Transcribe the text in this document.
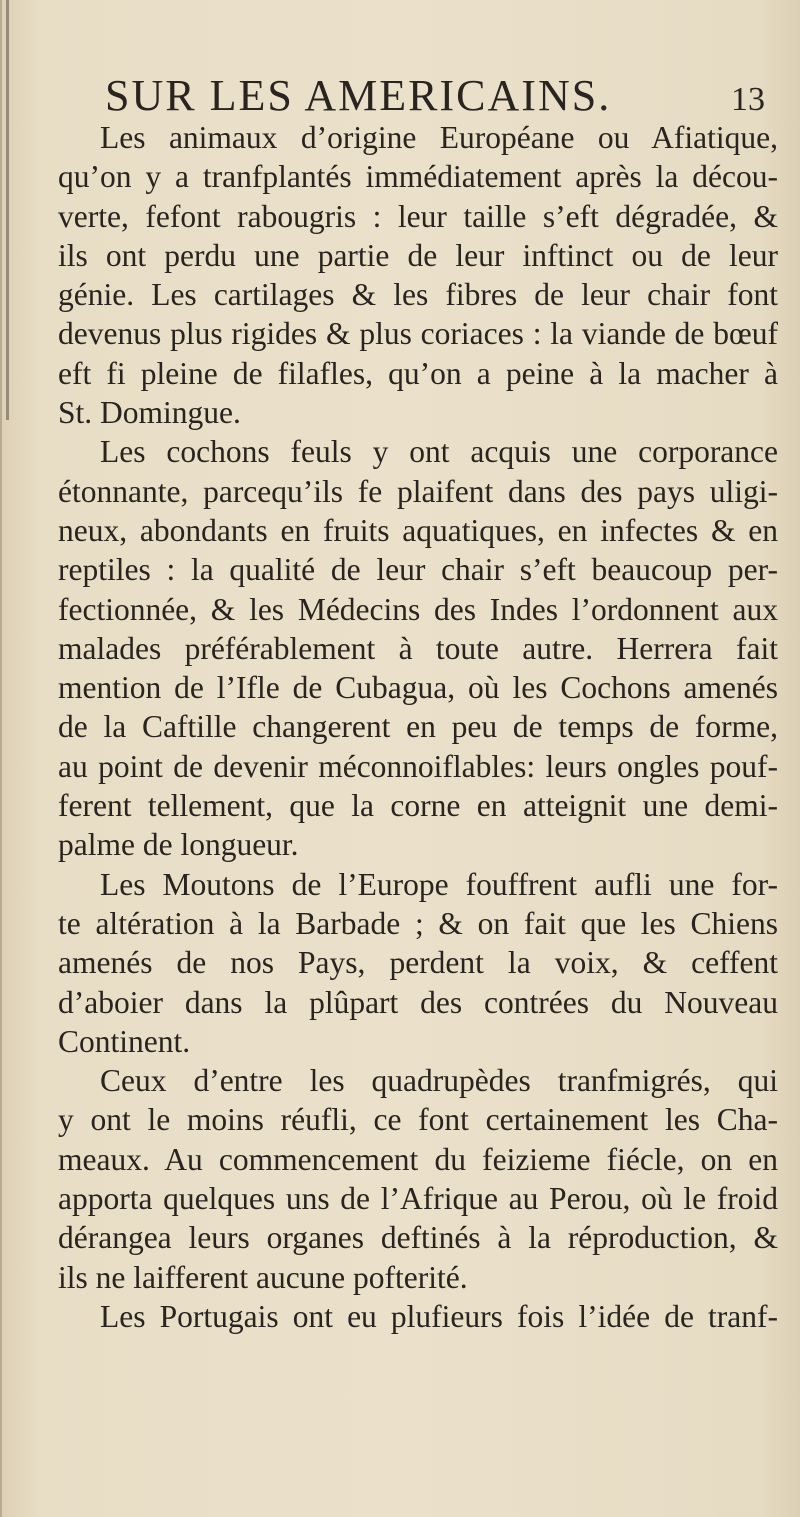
SUR LES AMERICAINS.	13
Les animaux d’origine Européane ou Afiatique,
qu’on y a tranfplantés immédiatement après la décou-
verte, fefont rabougris : leur taille s’eft dégradée, &
ils ont perdu une partie de leur inftinct ou de leur
génie. Les cartilages & les fibres de leur chair font
devenus plus rigides & plus coriaces : la viande de bœuf
eft fi pleine de filafles, qu’on a peine à la macher à
St. Domingue.
Les cochons feuls y ont acquis une corporance
étonnante, parcequ’ils fe plaifent dans des pays uligi-
neux, abondants en fruits aquatiques, en infectes & en
reptiles : la qualité de leur chair s’eft beaucoup per-
fectionnée, & les Médecins des Indes l’ordonnent aux
malades préférablement à toute autre. Herrera fait
mention de l’Ifle de Cubagua, où les Cochons amenés
de la Caftille changerent en peu de temps de forme,
au point de devenir méconnoiflables: leurs ongles pouf-
ferent tellement, que la corne en atteignit une demi-
palme de longueur.
Les Moutons de l’Europe fouffrent aufli une for-
te altération à la Barbade ; & on fait que les Chiens
amenés de nos Pays, perdent la voix, & ceffent
d’aboier dans la plûpart des contrées du Nouveau
Continent.
Ceux d’entre les quadrupèdes tranfmigrés, qui
y ont le moins réufli, ce font certainement les Cha-
meaux. Au commencement du feizieme fiécle, on en
apporta quelques uns de l’Afrique au Perou, où le froid
dérangea leurs organes deftinés à la réproduction, &
ils ne laifferent aucune pofterité.
Les Portugais ont eu plufieurs fois l’idée de tranf-
